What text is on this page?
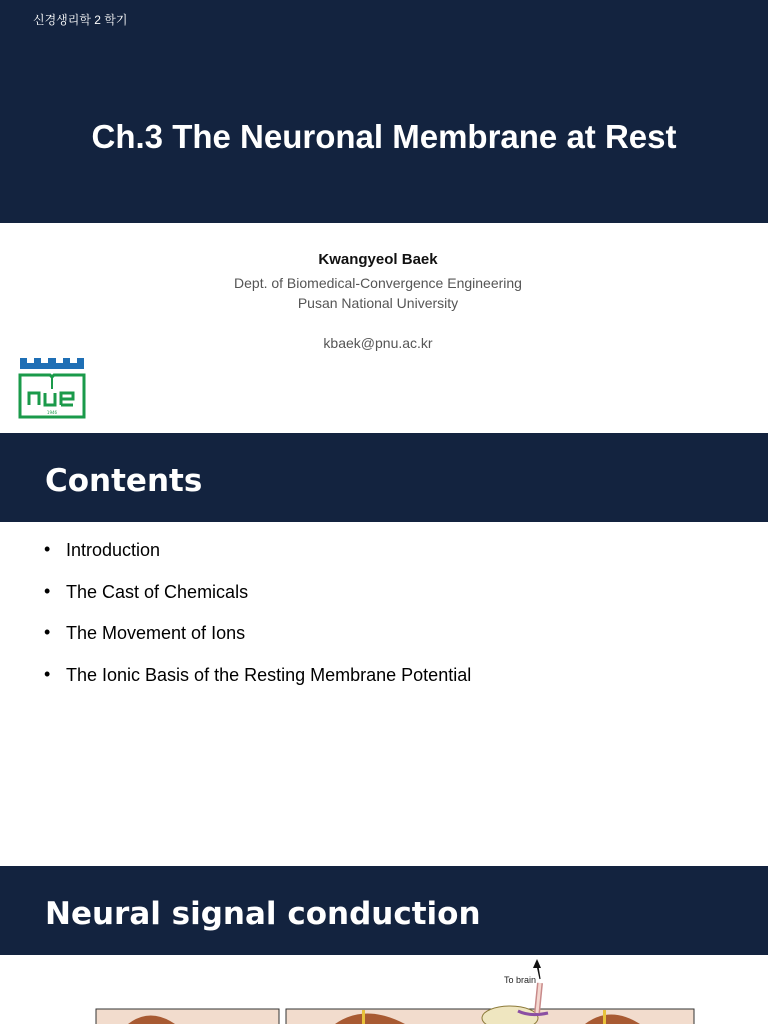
신경생리학 2 학기
Ch.3 The Neuronal Membrane at Rest
Kwangyeol Baek
Dept. of Biomedical-Convergence Engineering
Pusan National University
kbaek@pnu.ac.kr
1946
Contents
• Introduction
• The Cast of Chemicals
• The Movement of Ions
• The Ionic Basis of the Resting Membrane Potential
Neural signal conduction
To brain
